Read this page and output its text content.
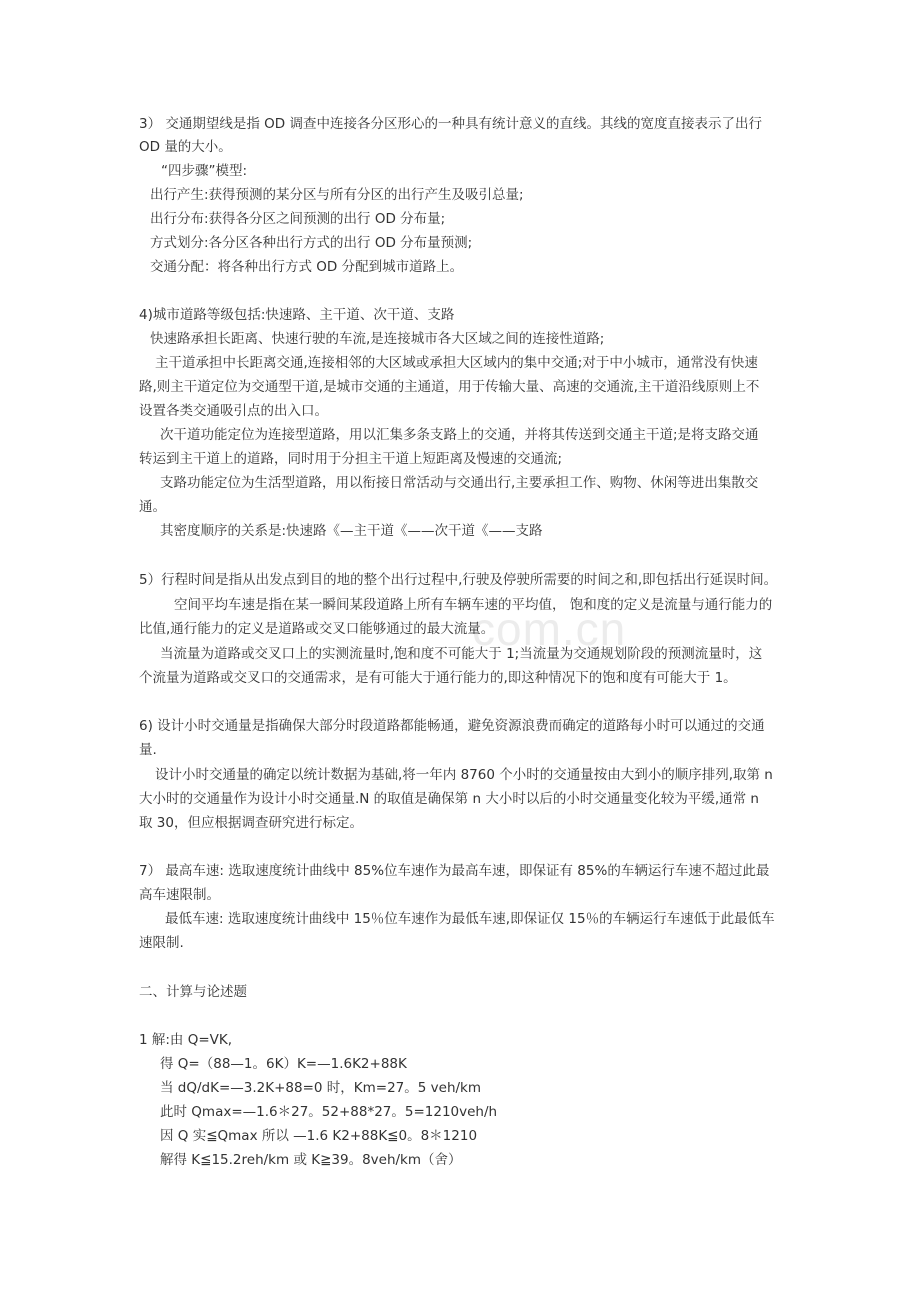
com.cn
3） 交通期望线是指 OD 调查中连接各分区形心的一种具有统计意义的直线。其线的宽度直接表示了出行
OD 量的大小。
“四步骤”模型:
出行产生:获得预测的某分区与所有分区的出行产生及吸引总量;
出行分布:获得各分区之间预测的出行 OD 分布量;
方式划分:各分区各种出行方式的出行 OD 分布量预测;
交通分配：将各种出行方式 OD 分配到城市道路上。
4)城市道路等级包括:快速路、主干道、次干道、支路
快速路承担长距离、快速行驶的车流,是连接城市各大区域之间的连接性道路;
主干道承担中长距离交通,连接相邻的大区域或承担大区域内的集中交通;对于中小城市，通常没有快速
路,则主干道定位为交通型干道,是城市交通的主通道，用于传输大量、高速的交通流,主干道沿线原则上不
设置各类交通吸引点的出入口。
次干道功能定位为连接型道路，用以汇集多条支路上的交通，并将其传送到交通主干道;是将支路交通
转运到主干道上的道路，同时用于分担主干道上短距离及慢速的交通流;
支路功能定位为生活型道路，用以衔接日常活动与交通出行,主要承担工作、购物、休闲等进出集散交
通。
其密度顺序的关系是:快速路《—主干道《——次干道《——支路
5）行程时间是指从出发点到目的地的整个出行过程中,行驶及停驶所需要的时间之和,即包括出行延误时间。
空间平均车速是指在某一瞬间某段道路上所有车辆车速的平均值， 饱和度的定义是流量与通行能力的
比值,通行能力的定义是道路或交叉口能够通过的最大流量。
当流量为道路或交叉口上的实测流量时,饱和度不可能大于 1;当流量为交通规划阶段的预测流量时，这
个流量为道路或交叉口的交通需求，是有可能大于通行能力的,即这种情况下的饱和度有可能大于 1。
6) 设计小时交通量是指确保大部分时段道路都能畅通，避免资源浪费而确定的道路每小时可以通过的交通
量.
设计小时交通量的确定以统计数据为基础,将一年内 8760 个小时的交通量按由大到小的顺序排列,取第 n
大小时的交通量作为设计小时交通量.N 的取值是确保第 n 大小时以后的小时交通量变化较为平缓,通常 n
取 30，但应根据调查研究进行标定。
7） 最高车速: 选取速度统计曲线中 85%位车速作为最高车速，即保证有 85%的车辆运行车速不超过此最
高车速限制。
最低车速: 选取速度统计曲线中 15％位车速作为最低车速,即保证仅 15％的车辆运行车速低于此最低车
速限制.
二、计算与论述题
1 解:由 Q=VK,
得 Q=（88—1。6K）K=—1.6K2+88K
当 dQ/dK=—3.2K+88=0 时，Km=27。5 veh/km
此时 Qmax=—1.6＊27。52+88*27。5=1210veh/h
因 Q 实≦Qmax 所以 —1.6 K2+88K≦0。8＊1210
解得 K≦15.2reh/km 或 K≧39。8veh/km（舍）
